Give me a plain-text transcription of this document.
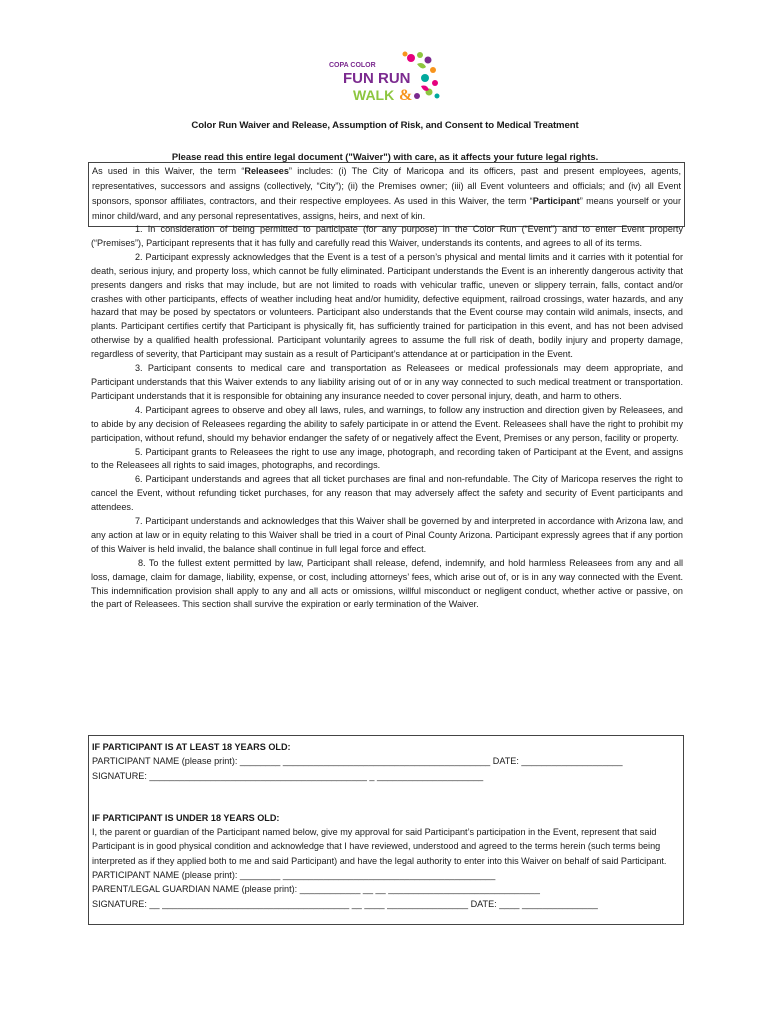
COPA COLOR
FUN RUN
WALK &
Color Run Waiver and Release, Assumption of Risk, and Consent to Medical Treatment
Please read this entire legal document ("Waiver") with care, as it affects your future legal rights.
As used in this Waiver, the term “Releasees” includes: (i) The City of Maricopa and its officers, past and present employees, agents, representatives, successors and assigns (collectively, “City”); (ii) the Premises owner; (iii) all Event volunteers and officials; and (iv) all Event sponsors, sponsor affiliates, contractors, and their respective employees. As used in this Waiver, the term “Participant” means yourself or your minor child/ward, and any personal representatives, assigns, heirs, and next of kin.

1. In consideration of being permitted to participate (for any purpose) in the Color Run (“Event”) and to enter Event property (“Premises”), Participant represents that it has fully and carefully read this Waiver, understands its contents, and agrees to all of its terms.

2. Participant expressly acknowledges that the Event is a test of a person’s physical and mental limits and it carries with it potential for death, serious injury, and property loss, which cannot be fully eliminated. Participant understands the Event is an inherently dangerous activity that presents dangers and risks that may include, but are not limited to roads with vehicular traffic, uneven or slippery terrain, falls, contact and/or crashes with other participants, effects of weather including heat and/or humidity, defective equipment, railroad crossings, water hazards, and any hazard that may be posed by spectators or volunteers. Participant also understands that the Event course may contain wild animals, insects, and plants. Participant certifies certify that Participant is physically fit, has sufficiently trained for participation in this event, and has not been advised otherwise by a qualified health professional. Participant voluntarily agrees to assume the full risk of death, bodily injury and property damage, regardless of severity, that Participant may sustain as a result of Participant’s attendance at or participation in the Event.

3. Participant consents to medical care and transportation as Releasees or medical professionals may deem appropriate, and Participant understands that this Waiver extends to any liability arising out of or in any way connected to such medical treatment or transportation. Participant understands that it is responsible for obtaining any insurance needed to cover personal injury, death, and harm to others.

4. Participant agrees to observe and obey all laws, rules, and warnings, to follow any instruction and direction given by Releasees, and to abide by any decision of Releasees regarding the ability to safely participate in or attend the Event. Releasees shall have the right to prohibit my participation, without refund, should my behavior endanger the safety of or negatively affect the Event, Premises or any person, facility or property.

5. Participant grants to Releasees the right to use any image, photograph, and recording taken of Participant at the Event, and assigns to the Releasees all rights to said images, photographs, and recordings.

6. Participant understands and agrees that all ticket purchases are final and non-refundable. The City of Maricopa reserves the right to cancel the Event, without refunding ticket purchases, for any reason that may adversely affect the safety and security of Event participants and attendees.

7. Participant understands and acknowledges that this Waiver shall be governed by and interpreted in accordance with Arizona law, and any action at law or in equity relating to this Waiver shall be tried in a court of Pinal County Arizona. Participant expressly agrees that if any portion of this Waiver is held invalid, the balance shall continue in full legal force and effect.

8. To the fullest extent permitted by law, Participant shall release, defend, indemnify, and hold harmless Releasees from any and all loss, damage, claim for damage, liability, expense, or cost, including attorneys’ fees, which arise out of, or is in any way connected with the Event. This indemnification provision shall apply to any and all acts or omissions, willful misconduct or negligent conduct, whether active or passive, on the part of Releasees. This section shall survive the expiration or early termination of the Waiver.

IF PARTICIPANT IS AT LEAST 18 YEARS OLD:
PARTICIPANT NAME (please print): ________ _________________________________________ DATE: ____________________
SIGNATURE: ___________________________________________ _ _____________________
IF PARTICIPANT IS UNDER 18 YEARS OLD:
I, the parent or guardian of the Participant named below, give my approval for said Participant’s participation in the Event, represent that said Participant is in good physical condition and acknowledge that I have reviewed, understood and agreed to the terms herein (such terms being interpreted as if they applied both to me and said Participant) and have the legal authority to enter into this Waiver on behalf of said Participant.
PARTICIPANT NAME (please print): ________ __________________________________________
PARENT/LEGAL GUARDIAN NAME (please print): ____________ __ __ ______________________________
SIGNATURE: __ _____________________________________ __ ____ ________________ DATE: ____ _______________
